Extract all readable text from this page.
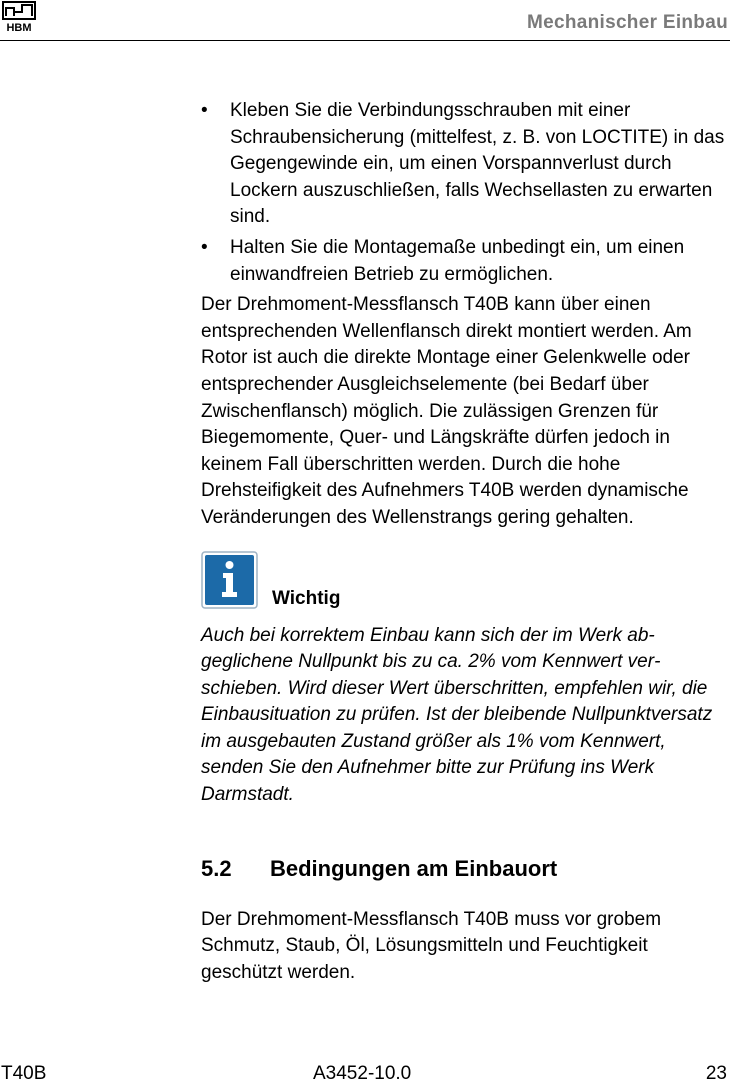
HBM	Mechanischer Einbau
• Kleben Sie die Verbindungsschrauben mit einer Schraubensicherung (mittelfest, z. B. von LOCTITE) in das Gegengewinde ein, um einen Vorspannverlust durch Lockern auszuschließen, falls Wechsellasten zu erwarten sind.
• Halten Sie die Montagemaße unbedingt ein, um einen einwandfreien Betrieb zu ermöglichen.

Der Drehmoment-Messflansch T40B kann über einen entsprechenden Wellenflansch direkt montiert werden. Am Rotor ist auch die direkte Montage einer Gelenkwelle oder entsprechender Ausgleichselemente (bei Bedarf über Zwischenflansch) möglich. Die zulässigen Grenzen für Biegemomente, Quer- und Längskräfte dürfen jedoch in keinem Fall überschritten werden. Durch die hohe Drehsteifigkeit des Aufnehmers T40B werden dynamische Veränderungen des Wellenstrangs gering gehalten.

Wichtig

Auch bei korrektem Einbau kann sich der im Werk abgeglichene Nullpunkt bis zu ca. 2% vom Kennwert verschieben. Wird dieser Wert überschritten, empfehlen wir, die Einbausituation zu prüfen. Ist der bleibende Nullpunktversatz im ausgebauten Zustand größer als 1% vom Kennwert, senden Sie den Aufnehmer bitte zur Prüfung ins Werk Darmstadt.

5.2	Bedingungen am Einbauort

Der Drehmoment-Messflansch T40B muss vor grobem Schmutz, Staub, Öl, Lösungsmitteln und Feuchtigkeit geschützt werden.

T40B	A3452-10.0	23
